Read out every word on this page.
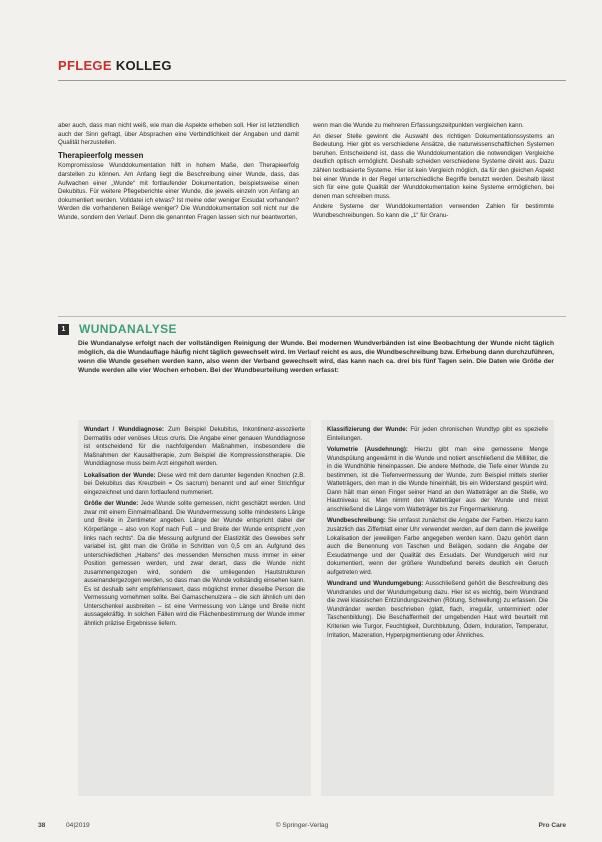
PFLEGE KOLLEG

aber auch, dass man nicht weiß, wie man die Aspekte erheben soll. Hier ist letztendlich auch der Sinn gefragt, über Absprachen eine Verbindlichkeit der Angaben und damit Qualität herzustellen.

Therapieerfolg messen

Kompromisslose Wunddokumentation hilft in hohem Maße, den Therapieerfolg darstellen zu können. Am Anfang liegt die Beschreibung einer Wunde, dass, das Aufwachen einer „Wunde“ mit fortlaufender Dokumentation, beispielsweise einen Dekubitus. Für weitere Pflegeberichte einer Wunde, die jeweils einzeln von Anfang an dokumentiert werden. Volldatei ich etwas? Ist meine oder weniger Exsudat vorhanden? Werden die vorhandenen Beläge weniger? Die Wunddokumentation soll nicht nur die Wunde, sondern den Verlauf. Denn die genannten Fragen lassen sich nur beantworten,

wenn man die Wunde zu mehreren Erfassungszeitpunkten vergleichen kann.

An dieser Stelle gewinnt die Auswahl des richtigen Dokumentationssystems an Bedeutung. Hier gibt es verschiedene Ansätze, die naturwissenschaftlichen Systemen beruhen. Entscheidend ist, dass die Wunddokumentation die notwendigen Vergleiche deutlich optisch ermöglicht. Deshalb scheiden verschiedene Systeme direkt aus. Dazu zählen textbasierte Systeme. Hier ist kein Vergleich möglich, da für den gleichen Aspekt bei einer Wunde in der Regel unterschiedliche Begriffe benutzt werden. Deshalb lässt sich für eine gute Qualität der Wunddokumentation keine Systeme ermöglichen, bei denen man schreiben muss.

Andere Systeme der Wunddokumentation verwenden Zahlen für bestimmte Wundbeschreibungen. So kann die „1“ für Granu-

1 WUNDANALYSE
Die Wundanalyse erfolgt nach der vollständigen Reinigung der Wunde. Bei modernen Wundverbänden ist eine Beobachtung der Wunde nicht täglich möglich, da die Wundauflage häufig nicht täglich gewechselt wird. Im Verlauf reicht es aus, die Wundbeschreibung bzw. Erhebung dann durchzuführen, wenn die Wunde gesehen werden kann, also wenn der Verband gewechselt wird, das kann nach ca. drei bis fünf Tagen sein. Die Daten wie Größe der Wunde werden alle vier Wochen erhoben. Bei der Wundbeurteilung werden erfasst:

Wundart / Wunddiagnose: Zum Beispiel Dekubitus, Inkontinenz-assoziierte Dermatitis oder venöses Ulcus cruris. Die Angabe einer genauen Wunddiagnose ist entscheidend für die nachfolgenden Maßnahmen, insbesondere die Maßnahmen der Kausaltherapie, zum Beispiel die Kompressionstherapie. Die Wunddiagnose muss beim Arzt eingeholt werden.

Lokalisation der Wunde: Diese wird mit dem darunter liegenden Knochen (z.B. bei Dekubitus das Kreuzbein = Os sacrum) benannt und auf einer Strichfigur eingezeichnet und dann fortlaufend nummeriert.

Größe der Wunde: Jede Wunde sollte gemessen, nicht geschätzt werden. Und zwar mit einem Einmalmaßband. Die Wundvermessung sollte mindestens Länge und Breite in Zentimeter angeben. Länge der Wunde entspricht dabei der Körperlänge – also von Kopf nach Fuß – und Breite der Wunde entspricht „von links nach rechts“. Da die Messung aufgrund der Elastizität des Gewebes sehr variabel ist, gibt man die Größe in Schritten von 0,5 cm an. Aufgrund des unterschiedlichen „Haltens“ des messenden Menschen muss immer in einer Position gemessen werden, und zwar derart, dass die Wunde nicht zusammengezogen wird, sondern die umliegenden Hautstrukturen auseinandergezogen werden, so dass man die Wunde vollständig einsehen kann. Es ist deshalb sehr empfehlenswert, dass möglichst immer dieselbe Person die Vermessung vornehmen sollte. Bei Gamaschenulzera – die sich ähnlich um den Unterschenkel ausbreiten – ist eine Vermessung von Länge und Breite nicht aussagekräftig. In solchen Fällen wird die Flächenbestimmung der Wunde immer ähnlich präzise Ergebnisse liefern.

Klassifizierung der Wunde: Für jeden chronischen Wundtyp gibt es spezielle Einteilungen.

Volumetrie (Ausdehnung): Hierzu gibt man eine gemessene Menge Wundspülung angewärmt in die Wunde und notiert anschließend die Milliliter, die in die Wundhöhle hineinpassen. Die andere Methode, die Tiefe einer Wunde zu bestimmen, ist die Tiefenvermessung der Wunde, zum Beispiel mittels steriler Watteträgers, den man in die Wunde hineinhält, bis ein Widerstand gespürt wird. Dann hält man einen Finger seiner Hand an den Watteträger an die Stelle, wo Hautniveau ist. Man nimmt den Watteträger aus der Wunde und misst anschließend die Länge vom Watteträger bis zur Fingermarkierung.

Wundbeschreibung: Sie umfasst zunächst die Angabe der Farben. Hierzu kann zusätzlich das Zifferblatt einer Uhr verwendet werden, auf dem dann die jeweilige Lokalisation der jeweiligen Farbe angegeben werden kann. Dazu gehört dann auch die Benennung von Taschen und Belägen, sodann die Angabe der Exsudatmenge und der Qualität des Exsudats. Der Wundgeruch wird nur dokumentiert, wenn der größere Wundbefund bereits deutlich ein Geruch aufgetreten wird.

Wundrand und Wundumgebung: Ausschließend gehört die Beschreibung des Wundrandes und der Wundumgebung dazu. Hier ist es wichtig, beim Wundrand die zwei klassischen Entzündungszeichen (Rötung, Schwellung) zu erfassen. Die Wundränder werden beschrieben (glatt, flach, irregulär, unterminiert oder Taschenbildung). Die Beschaffenheit der umgebenden Haut wird beurteilt mit Kriterien wie Turgor, Feuchtigkeit, Durchblutung, Ödem, Induration, Temperatur, Irritation, Mazeration, Hyperpigmentierung oder Ähnliches.

38	04|2019	© Springer-Verlag	Pro Care
